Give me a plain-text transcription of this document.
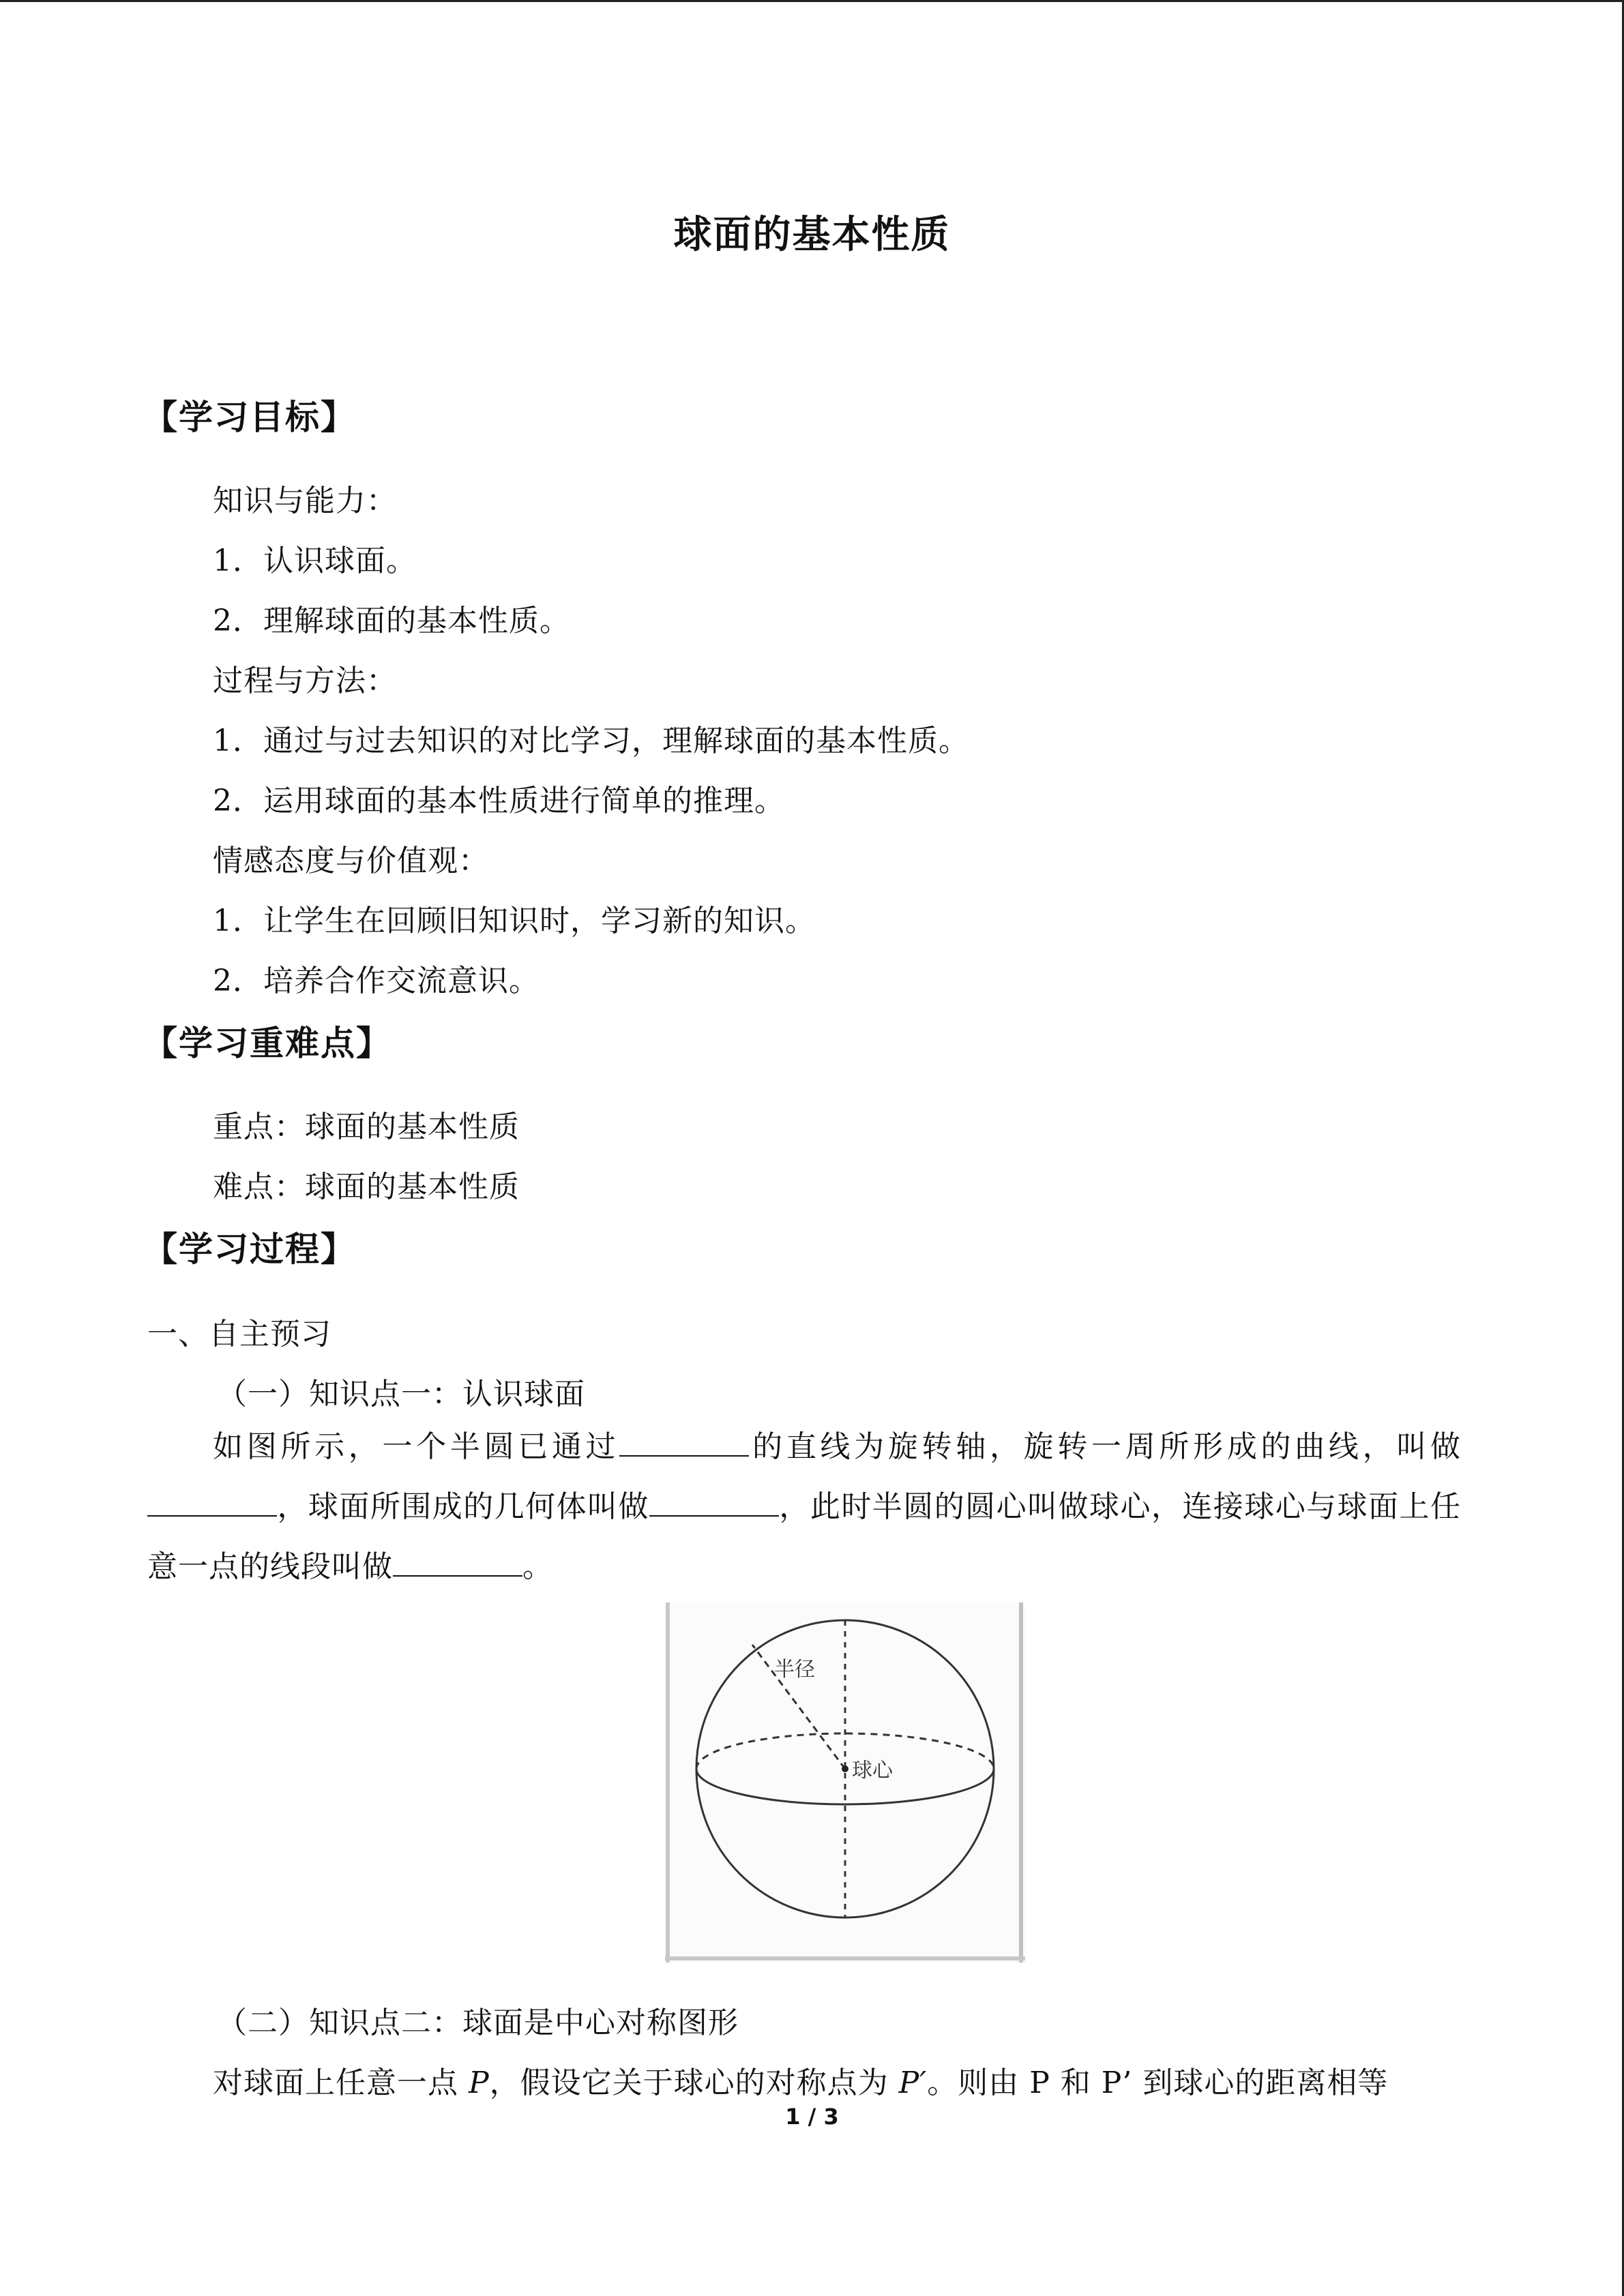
球面的基本性质
【学习目标】
知识与能力：
1．认识球面。
2．理解球面的基本性质。
过程与方法：
1．通过与过去知识的对比学习，理解球面的基本性质。
2．运用球面的基本性质进行简单的推理。
情感态度与价值观：
1．让学生在回顾旧知识时，学习新的知识。
2．培养合作交流意识。
【学习重难点】
重点：球面的基本性质
难点：球面的基本性质
【学习过程】
一、自主预习
（一）知识点一：认识球面
如图所示，一个半圆已通过	的直线为旋转轴，旋转一周所形成的曲线，叫做，球面所围成的几何体叫做	，此时半圆的圆心叫做球心，连接球心与球面上任意一点的线段叫做	。
半径
球心
（二）知识点二：球面是中心对称图形
对球面上任意一点 P，假设它关于球心的对称点为 P′。则由 P 和 P’ 到球心的距离相等
1 / 3
